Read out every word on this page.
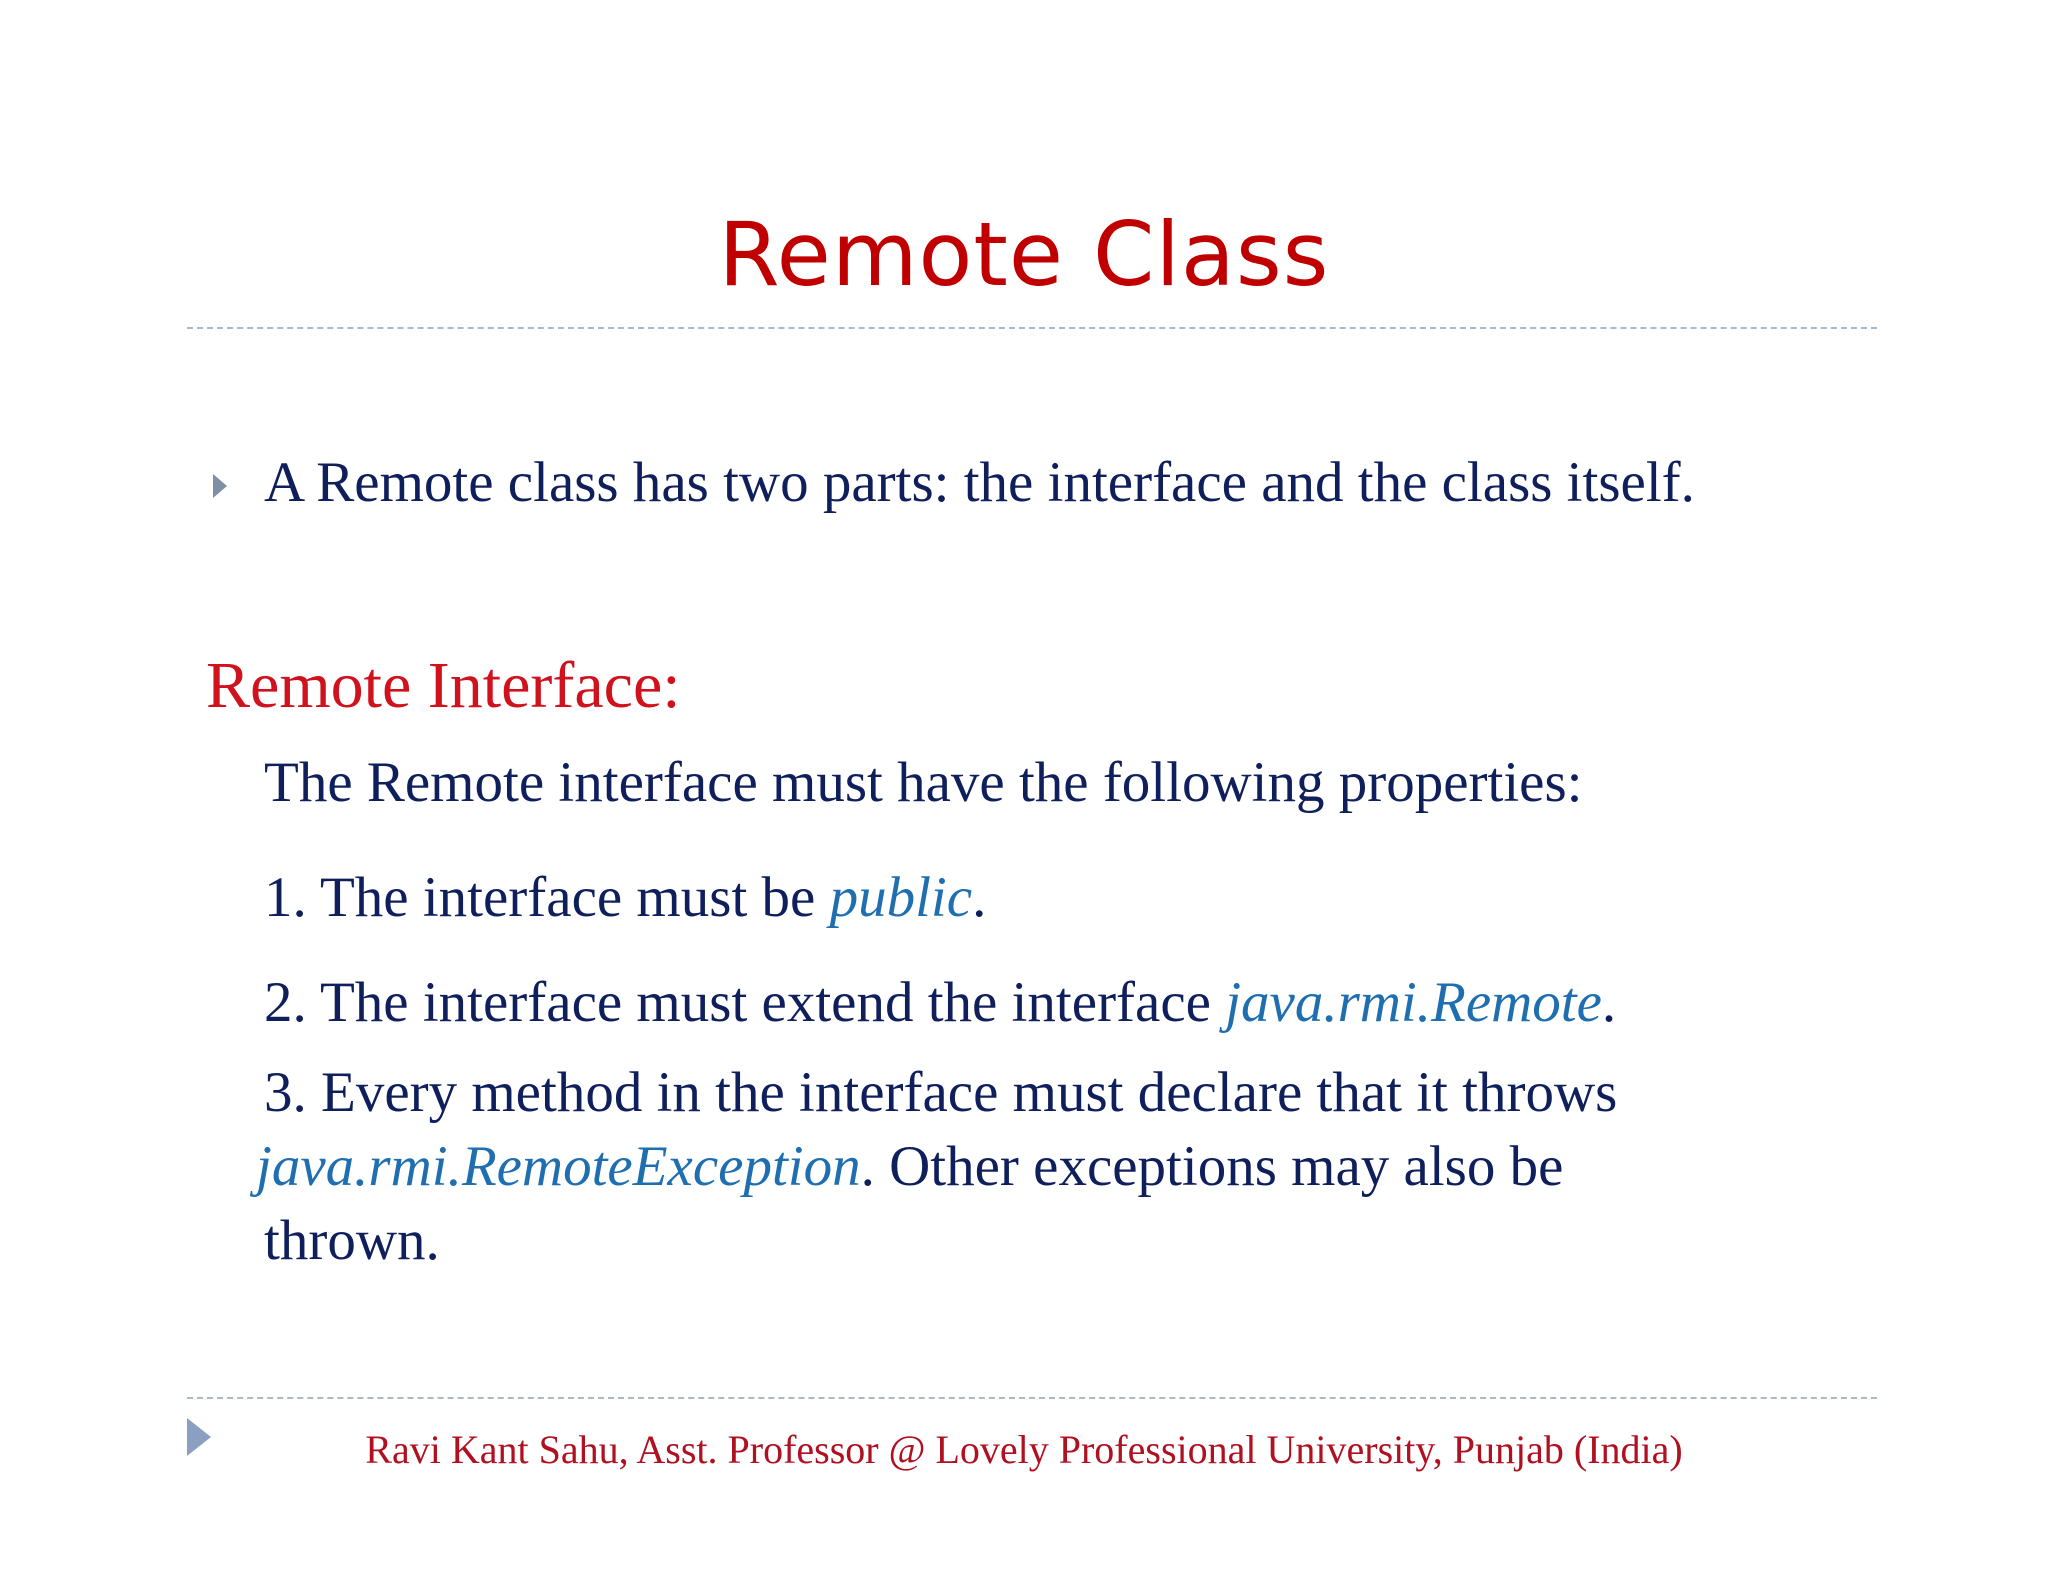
Remote Class
A Remote class has two parts: the interface and the class itself.
Remote Interface:
The Remote interface must have the following properties:
1. The interface must be public.
2. The interface must extend the interface java.rmi.Remote.
3. Every method in the interface must declare that it throws
java.rmi.RemoteException. Other exceptions may also be
thrown.
Ravi Kant Sahu, Asst. Professor @ Lovely Professional University, Punjab (India)
